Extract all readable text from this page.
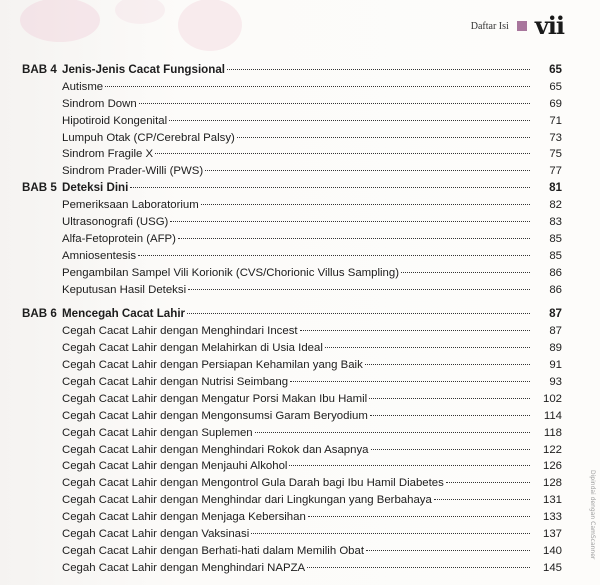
Daftar Isi vii
BAB 4 Jenis-Jenis Cacat Fungsional	65
Autisme	65
Sindrom Down	69
Hipotiroid Kongenital	71
Lumpuh Otak (CP/Cerebral Palsy)	73
Sindrom Fragile X	75
Sindrom Prader-Willi (PWS)	77
BAB 5 Deteksi Dini	81
Pemeriksaan Laboratorium	82
Ultrasonografi (USG)	83
Alfa-Fetoprotein (AFP)	85
Amniosentesis	85
Pengambilan Sampel Vili Korionik (CVS/Chorionic Villus Sampling)	86
Keputusan Hasil Deteksi	86
BAB 6 Mencegah Cacat Lahir	87
Cegah Cacat Lahir dengan Menghindari Incest	87
Cegah Cacat Lahir dengan Melahirkan di Usia Ideal	89
Cegah Cacat Lahir dengan Persiapan Kehamilan yang Baik	91
Cegah Cacat Lahir dengan Nutrisi Seimbang	93
Cegah Cacat Lahir dengan Mengatur Porsi Makan Ibu Hamil	102
Cegah Cacat Lahir dengan Mengonsumsi Garam Beryodium	114
Cegah Cacat Lahir dengan Suplemen	118
Cegah Cacat Lahir dengan Menghindari Rokok dan Asapnya	122
Cegah Cacat Lahir dengan Menjauhi Alkohol	126
Cegah Cacat Lahir dengan Mengontrol Gula Darah bagi Ibu Hamil Diabetes	128
Cegah Cacat Lahir dengan Menghindar dari Lingkungan yang Berbahaya	131
Cegah Cacat Lahir dengan Menjaga Kebersihan	133
Cegah Cacat Lahir dengan Vaksinasi	137
Cegah Cacat Lahir dengan Berhati-hati dalam Memilih Obat	140
Cegah Cacat Lahir dengan Menghindari NAPZA	145
Dipindai dengan CamScanner
